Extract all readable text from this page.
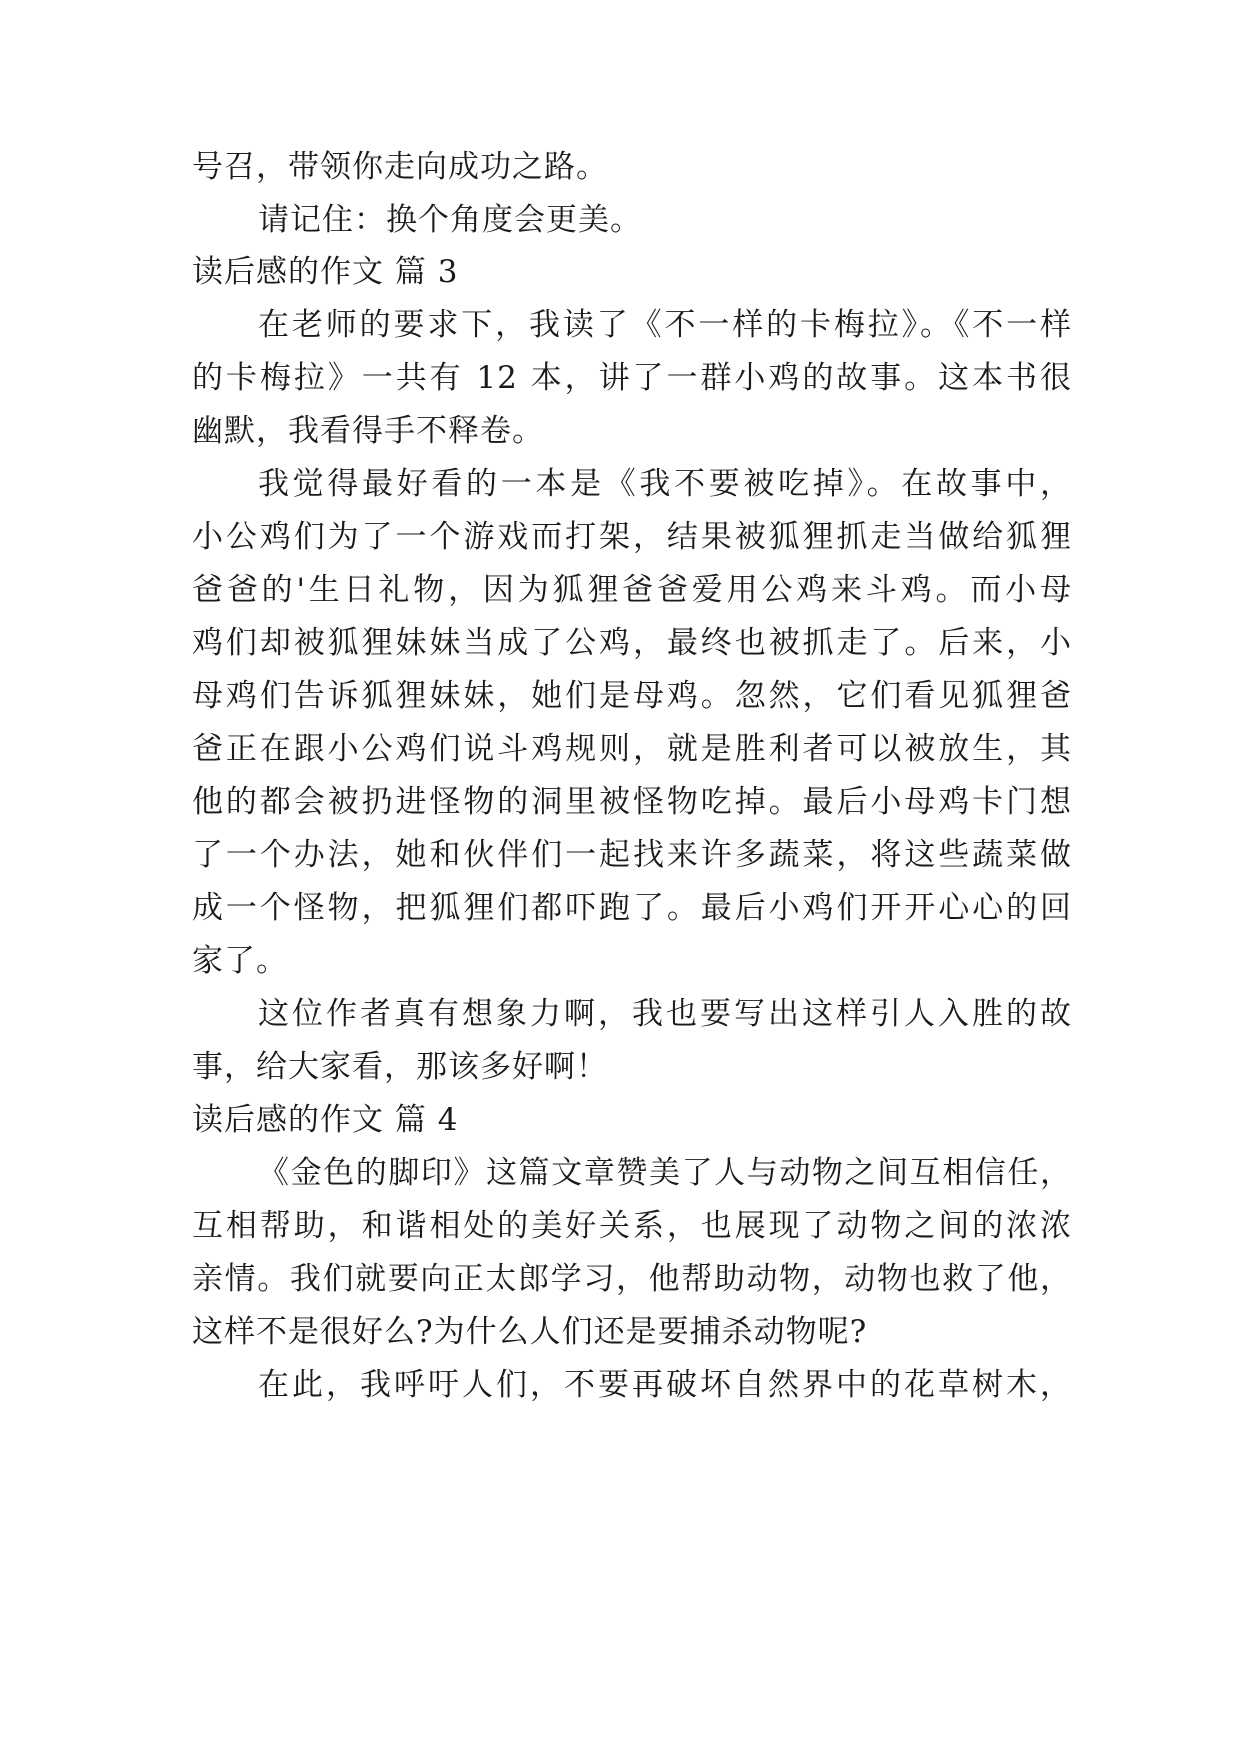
号召，带领你走向成功之路。
请记住：换个角度会更美。
读后感的作文 篇 3
在老师的要求下，我读了《不一样的卡梅拉》。《不一样
的卡梅拉》一共有 12 本，讲了一群小鸡的故事。这本书很
幽默，我看得手不释卷。
我觉得最好看的一本是《我不要被吃掉》。在故事中，
小公鸡们为了一个游戏而打架，结果被狐狸抓走当做给狐狸
爸爸的'生日礼物，因为狐狸爸爸爱用公鸡来斗鸡。而小母
鸡们却被狐狸妹妹当成了公鸡，最终也被抓走了。后来，小
母鸡们告诉狐狸妹妹，她们是母鸡。忽然，它们看见狐狸爸
爸正在跟小公鸡们说斗鸡规则，就是胜利者可以被放生，其
他的都会被扔进怪物的洞里被怪物吃掉。最后小母鸡卡门想
了一个办法，她和伙伴们一起找来许多蔬菜，将这些蔬菜做
成一个怪物，把狐狸们都吓跑了。最后小鸡们开开心心的回
家了。
这位作者真有想象力啊，我也要写出这样引人入胜的故
事，给大家看，那该多好啊！
读后感的作文 篇 4
《金色的脚印》这篇文章赞美了人与动物之间互相信任，
互相帮助，和谐相处的美好关系，也展现了动物之间的浓浓
亲情。我们就要向正太郎学习，他帮助动物，动物也救了他，
这样不是很好么?为什么人们还是要捕杀动物呢?
在此，我呼吁人们，不要再破坏自然界中的花草树木，
